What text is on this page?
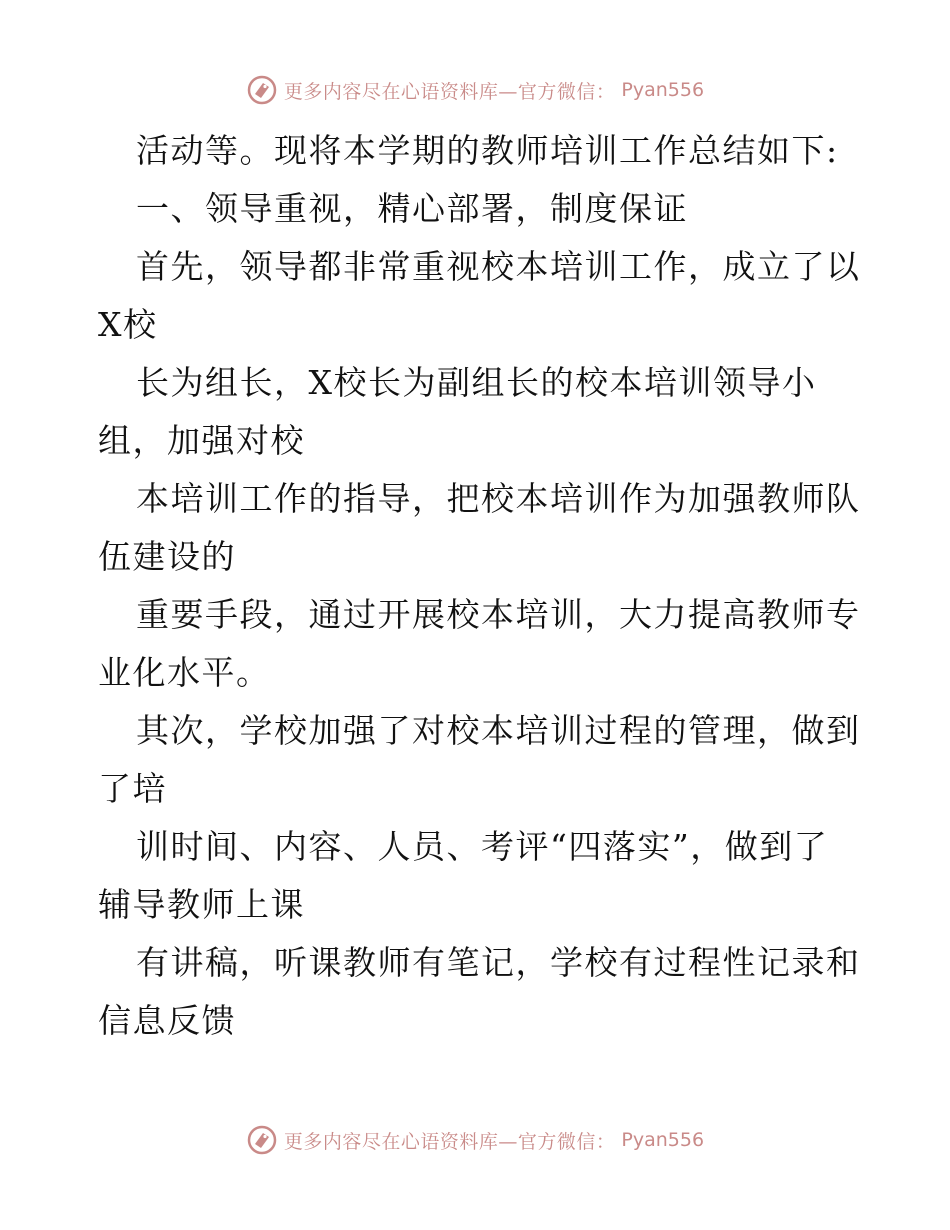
更多内容尽在心语资料库—官方微信： Pyan556
活动等。现将本学期的教师培训工作总结如下:
一、领导重视，精心部署，制度保证
首先，领导都非常重视校本培训工作，成立了以
X校
长为组长，X校长为副组长的校本培训领导小
组，加强对校
本培训工作的指导，把校本培训作为加强教师队
伍建设的
重要手段，通过开展校本培训，大力提高教师专
业化水平。
其次，学校加强了对校本培训过程的管理，做到
了培
训时间、内容、人员、考评“四落实”，做到了
辅导教师上课
有讲稿，听课教师有笔记，学校有过程性记录和
信息反馈
更多内容尽在心语资料库—官方微信： Pyan556
